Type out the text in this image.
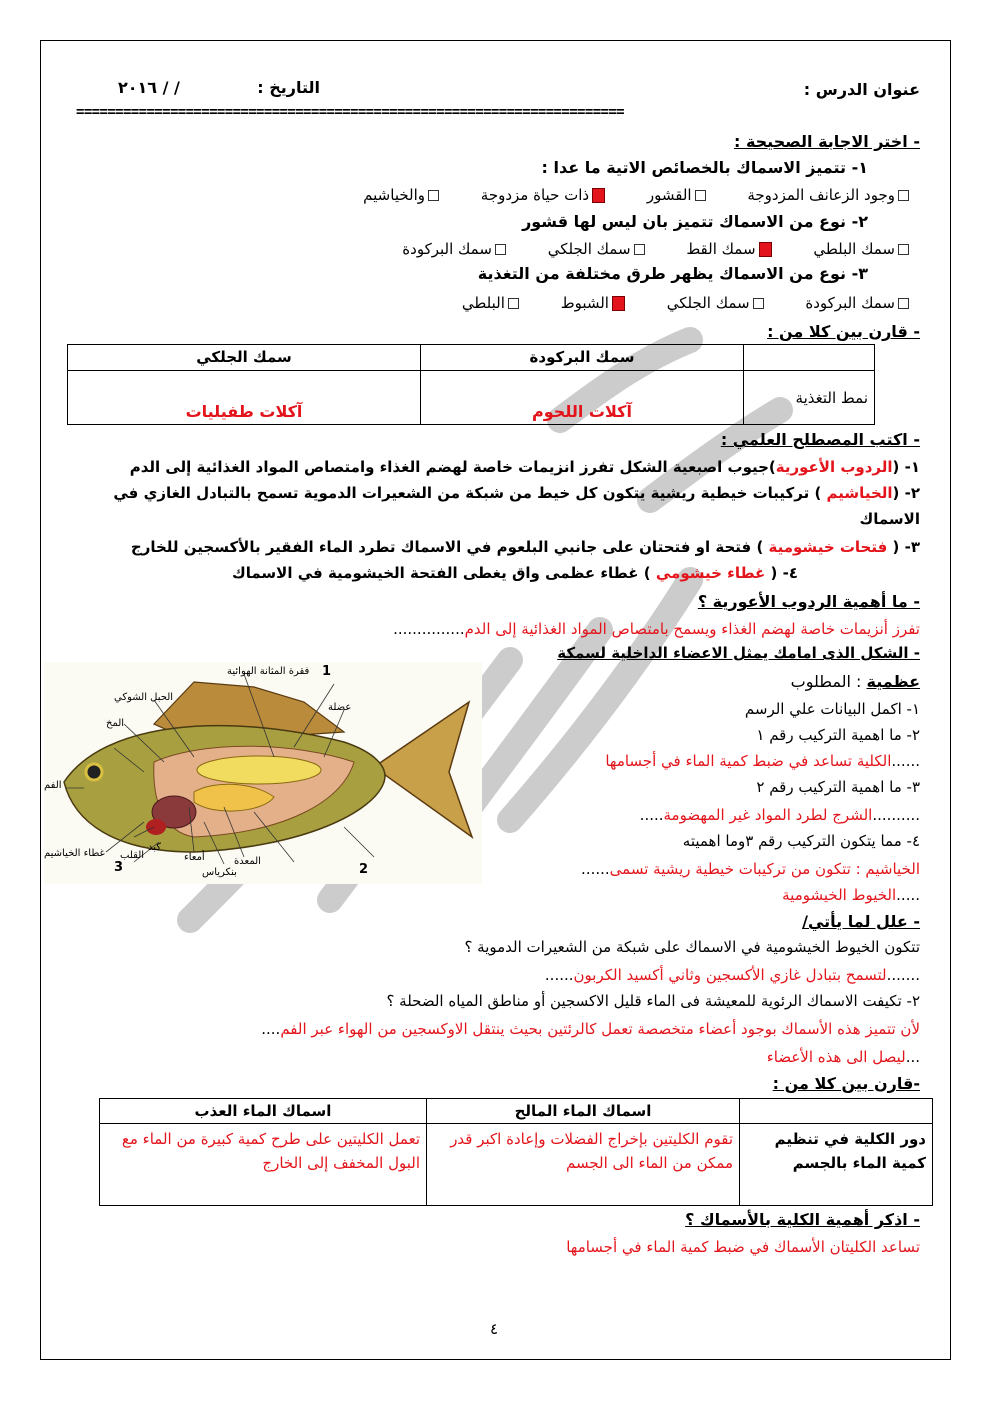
عنوان الدرس :
التاريخ :
/ / ٢٠١٦
======================================================================
- اختر الاجابة الصحيحة :
١- تتميز الاسماك بالخصائص الاتية ما عدا :
وجود الزعانف المزدوجة القشور ذات حياة مزدوجة والخياشيم
٢- نوع من الاسماك تتميز بان ليس لها قشور
سمك البلطي سمك القط سمك الجلكي سمك البركودة
٣- نوع من الاسماك يظهر طرق مختلفة من التغذية
سمك البركودة سمك الجلكي الشبوط البلطي
- قارن بين كلا من :
	سمك البركودة	سمك الجلكي
نمط التغذية	آكلات اللحوم	آكلات طفيليات
- اكتب المصطلح العلمي :
١- (الردوب الأعورية)جيوب اصبعية الشكل تفرز انزيمات خاصة لهضم الغذاء وامتصاص المواد الغذائية إلى الدم
٢- (الخياشيم ) تركيبات خيطية ريشية يتكون كل خيط من شبكة من الشعيرات الدموية تسمح بالتبادل الغازي في
الاسماك
٣- ( فتحات خيشومية ) فتحة او فتحتان على جانبي البلعوم في الاسماك تطرد الماء الفقير بالأكسجين للخارج
٤- ( غطاء خيشومي ) غطاء عظمى واق يغطى الفتحة الخيشومية في الاسماك
- ما أهمية الردوب الأعورية ؟
تفرز أنزيمات خاصة لهضم الغذاء ويسمح بامتصاص المواد الغذائية إلى الدم...............
- الشكل الذى امامك يمثل الاعضاء الداخلية لسمكة
فقرة المثانة الهوائية
الحبل الشوكي
المخ
عضلة
الفم
غطاء الخياشيم القلب
كبد
أمعاء	المعدة
بنكرياس
1
2
3
عظمية : المطلوب
١- اكمل البيانات علي الرسم
٢- ما اهمية التركيب رقم ١
......الكلية تساعد في ضبط كمية الماء في أجسامها
٣- ما اهمية التركيب رقم ٢
..........الشرج لطرد المواد غير المهضومة.....
٤- مما يتكون التركيب رقم ٣وما اهميته
الخياشيم : تتكون من تركيبات خيطية ريشية تسمى......
.....الخيوط الخيشومية
- علل لما يأتي/
تتكون الخيوط الخيشومية في الاسماك على شبكة من الشعيرات الدموية ؟
.......لتسمح بتبادل غازي الأكسجين وثاني أكسيد الكربون......
٢- تكيفت الاسماك الرئوية للمعيشة فى الماء قليل الاكسجين أو مناطق المياه الضحلة ؟
لأن تتميز هذه الأسماك بوجود أعضاء متخصصة تعمل كالرئتين بحيث ينتقل الاوكسجين من الهواء عبر الفم....
...ليصل الى هذه الأعضاء
-قارن بين كلا من :
	اسماك الماء المالح	اسماك الماء العذب
دور الكلية في تنظيم كمية الماء بالجسم	تقوم الكليتين بإخراج الفضلات وإعادة اكبر قدر ممكن من الماء الى الجسم	تعمل الكليتين على طرح كمية كبيرة من الماء مع البول المخفف إلى الخارج
- اذكر أهمية الكلية بالأسماك ؟
تساعد الكليتان الأسماك في ضبط كمية الماء في أجسامها
٤
